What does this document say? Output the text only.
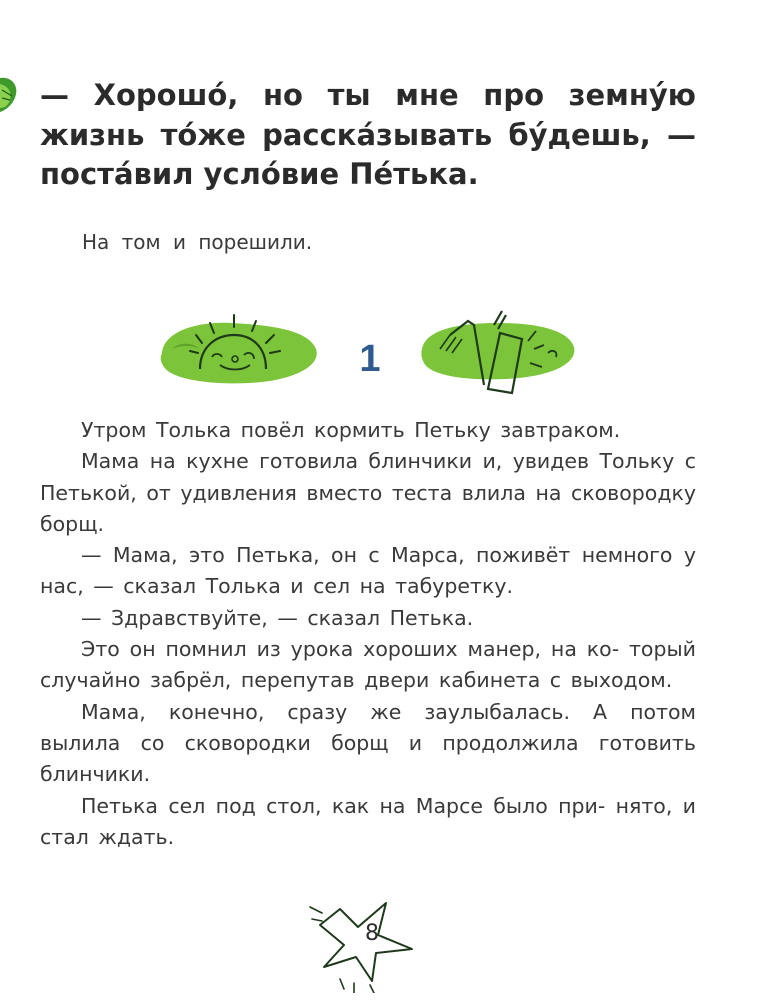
— Хорошó, но ты мне про земнýю

жизнь тóже расскáзывать бýдешь, —

постáвил услóвие Пéтька.

На том и порешили.
1

Утром Толька повёл кормить Петьку завтраком.

Мама на кухне готовила блинчики и, увидев Тольку с Петькой, от удивления вместо теста влила на сковородку борщ.

— Мама, это Петька, он с Марса, поживёт немного у нас, — сказал Толька и сел на табуретку.

— Здравствуйте, — сказал Петька.

Это он помнил из урока хороших манер, на ко- торый случайно забрёл, перепутав двери кабинета с выходом.

Мама, конечно, сразу же заулыбалась. А потом вылила со сковородки борщ и продолжила готовить блинчики.

Петька сел под стол, как на Марсе было при- нято, и стал ждать.

8
